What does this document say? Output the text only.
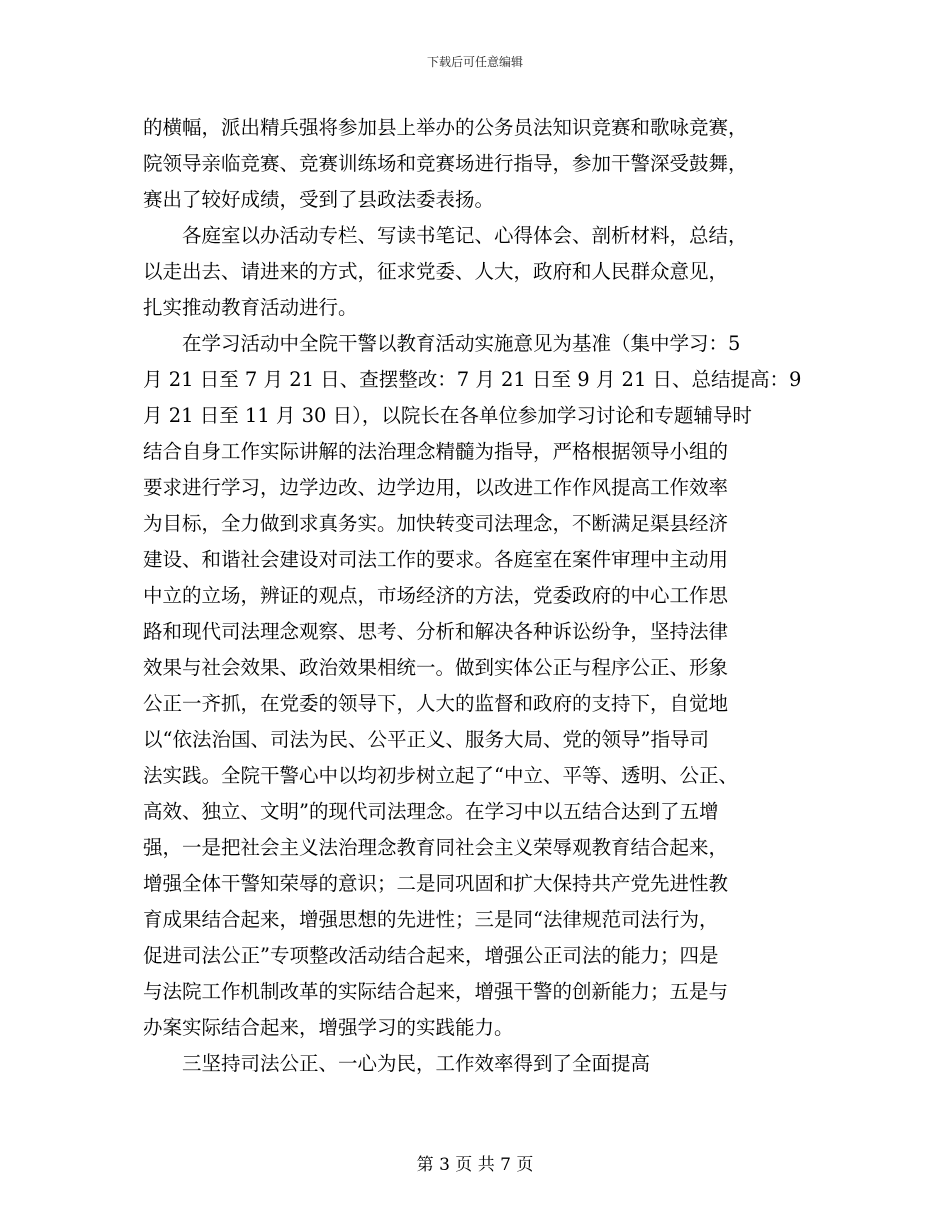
下载后可任意编辑
的横幅，派出精兵强将参加县上举办的公务员法知识竞赛和歌咏竞赛，
院领导亲临竞赛、竞赛训练场和竞赛场进行指导，参加干警深受鼓舞，
赛出了较好成绩，受到了县政法委表扬。
各庭室以办活动专栏、写读书笔记、心得体会、剖析材料，总结，
以走出去、请进来的方式，征求党委、人大，政府和人民群众意见，
扎实推动教育活动进行。
在学习活动中全院干警以教育活动实施意见为基准（集中学习：5
月 21 日至 7 月 21 日、查摆整改：7 月 21 日至 9 月 21 日、总结提高：9
月 21 日至 11 月 30 日），以院长在各单位参加学习讨论和专题辅导时
结合自身工作实际讲解的法治理念精髓为指导，严格根据领导小组的
要求进行学习，边学边改、边学边用，以改进工作作风提高工作效率
为目标，全力做到求真务实。加快转变司法理念，不断满足渠县经济
建设、和谐社会建设对司法工作的要求。各庭室在案件审理中主动用
中立的立场，辨证的观点，市场经济的方法，党委政府的中心工作思
路和现代司法理念观察、思考、分析和解决各种诉讼纷争，坚持法律
效果与社会效果、政治效果相统一。做到实体公正与程序公正、形象
公正一齐抓，在党委的领导下，人大的监督和政府的支持下，自觉地
以“依法治国、司法为民、公平正义、服务大局、党的领导”指导司
法实践。全院干警心中以均初步树立起了“中立、平等、透明、公正、
高效、独立、文明”的现代司法理念。在学习中以五结合达到了五增
强，一是把社会主义法治理念教育同社会主义荣辱观教育结合起来，
增强全体干警知荣辱的意识；二是同巩固和扩大保持共产党先进性教
育成果结合起来，增强思想的先进性；三是同“法律规范司法行为，
促进司法公正”专项整改活动结合起来，增强公正司法的能力；四是
与法院工作机制改革的实际结合起来，增强干警的创新能力；五是与
办案实际结合起来，增强学习的实践能力。
三坚持司法公正、一心为民，工作效率得到了全面提高
第 3 页 共 7 页
